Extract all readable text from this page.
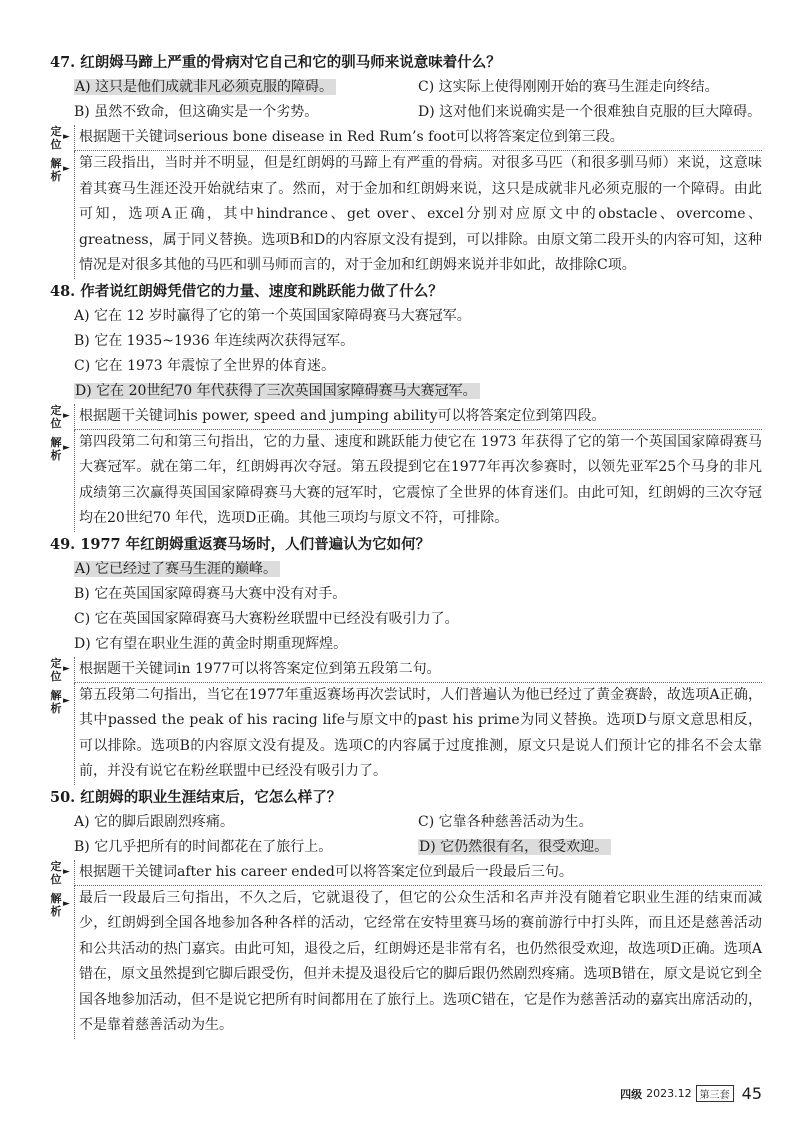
47. 红朗姆马蹄上严重的骨病对它自己和它的驯马师来说意味着什么？

A) 这只是他们成就非凡必须克服的障碍。	C) 这实际上使得刚刚开始的赛马生涯走向终结。
B) 虽然不致命，但这确实是一个劣势。	D) 这对他们来说确实是一个很难独自克服的巨大障碍。
定
位
► 根据题干关键词serious bone disease in Red Rum’s foot可以将答案定位到第三段。
解
析
► 第三段指出，当时并不明显，但是红朗姆的马蹄上有严重的骨病。对很多马匹（和很多驯马师）来说，这意味着其赛马生涯还没开始就结束了。然而，对于金加和红朗姆来说，这只是成就非凡必须克服的一个障碍。由此可知，选项A正确，其中hindrance、get over、excel分别对应原文中的obstacle、overcome、greatness，属于同义替换。选项B和D的内容原文没有提到，可以排除。由原文第二段开头的内容可知，这种情况是对很多其他的马匹和驯马师而言的，对于金加和红朗姆来说并非如此，故排除C项。

48. 作者说红朗姆凭借它的力量、速度和跳跃能力做了什么？

A) 它在 12 岁时赢得了它的第一个英国国家障碍赛马大赛冠军。
B) 它在 1935~1936 年连续两次获得冠军。
C) 它在 1973 年震惊了全世界的体育迷。
D) 它在 20世纪70 年代获得了三次英国国家障碍赛马大赛冠军。
定
位
► 根据题干关键词his power, speed and jumping ability可以将答案定位到第四段。
解
析
► 第四段第二句和第三句指出，它的力量、速度和跳跃能力使它在 1973 年获得了它的第一个英国国家障碍赛马大赛冠军。就在第二年，红朗姆再次夺冠。第五段提到它在1977年再次参赛时，以领先亚军25个马身的非凡成绩第三次赢得英国国家障碍赛马大赛的冠军时，它震惊了全世界的体育迷们。由此可知，红朗姆的三次夺冠均在20世纪70 年代，选项D正确。其他三项均与原文不符，可排除。

49. 1977 年红朗姆重返赛马场时，人们普遍认为它如何？

A) 它已经过了赛马生涯的巅峰。
B) 它在英国国家障碍赛马大赛中没有对手。
C) 它在英国国家障碍赛马大赛粉丝联盟中已经没有吸引力了。
D) 它有望在职业生涯的黄金时期重现辉煌。
定
位
► 根据题干关键词in 1977可以将答案定位到第五段第二句。
解
析
► 第五段第二句指出，当它在1977年重返赛场再次尝试时，人们普遍认为他已经过了黄金赛龄，故选项A正确，其中passed the peak of his racing life与原文中的past his prime为同义替换。选项D与原文意思相反，可以排除。选项B的内容原文没有提及。选项C的内容属于过度推测，原文只是说人们预计它的排名不会太靠前，并没有说它在粉丝联盟中已经没有吸引力了。

50. 红朗姆的职业生涯结束后，它怎么样了？

A) 它的脚后跟剧烈疼痛。	C) 它靠各种慈善活动为生。
B) 它几乎把所有的时间都花在了旅行上。	D) 它仍然很有名，很受欢迎。
定
位
► 根据题干关键词after his career ended可以将答案定位到最后一段最后三句。
解
析
► 最后一段最后三句指出，不久之后，它就退役了，但它的公众生活和名声并没有随着它职业生涯的结束而减少，红朗姆到全国各地参加各种各样的活动，它经常在安特里赛马场的赛前游行中打头阵，而且还是慈善活动和公共活动的热门嘉宾。由此可知，退役之后，红朗姆还是非常有名，也仍然很受欢迎，故选项D正确。选项A错在，原文虽然提到它脚后跟受伤，但并未提及退役后它的脚后跟仍然剧烈疼痛。选项B错在，原文是说它到全国各地参加活动，但不是说它把所有时间都用在了旅行上。选项C错在，它是作为慈善活动的嘉宾出席活动的，不是靠着慈善活动为生。
四级 2023.12 第三套 45
